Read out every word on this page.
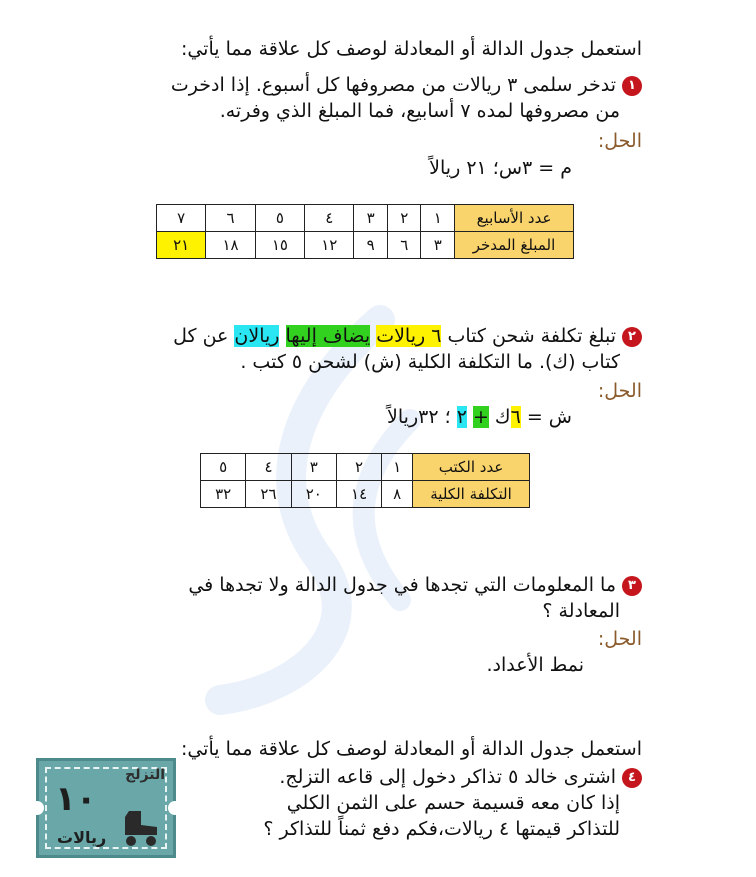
استعمل جدول الدالة أو المعادلة لوصف كل علاقة مما يأتي:
١تدخر سلمى ٣ ريالات من مصروفها كل أسبوع. إذا ادخرت
من مصروفها لمده ٧ أسابيع، فما المبلغ الذي وفرته.
الحل:
م = ٣س؛ ٢١ ريالاً
عدد الأسابيع	١	٢	٣	٤	٥	٦	٧
المبلغ المدخر	٣	٦	٩	١٢	١٥	١٨	٢١
٢تبلغ تكلفة شحن كتاب ٦ ريالات يضاف إليها ريالان عن كل
كتاب (ك). ما التكلفة الكلية (ش) لشحن ٥ كتب .
الحل:
ش = ٦ك + ٢ ؛ ٣٢ريالاً
عدد الكتب	١	٢	٣	٤	٥
التكلفة الكلية	٨	١٤	٢٠	٢٦	٣٢
٣ما المعلومات التي تجدها في جدول الدالة ولا تجدها في
المعادلة ؟
الحل:
نمط الأعداد.
استعمل جدول الدالة أو المعادلة لوصف كل علاقة مما يأتي:
٤اشترى خالد ٥ تذاكر دخول إلى قاعه التزلج.
إذا كان معه قسيمة حسم على الثمن الكلي
للتذاكر قيمتها ٤ ريالات،فكم دفع ثمناً للتذاكر ؟
التزلج
١٠
ريالات
